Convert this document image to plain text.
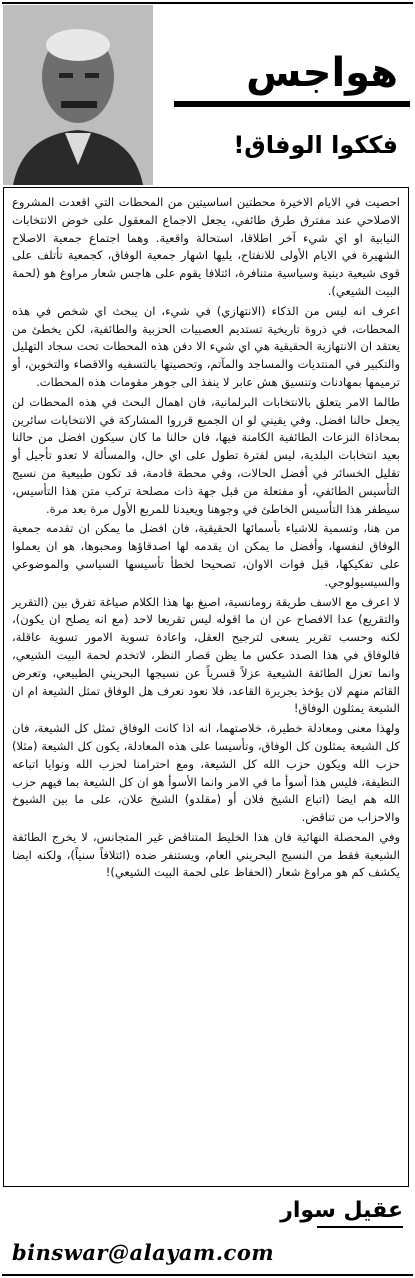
هواجس
فككوا الوفاق!

احصيت في الايام الاخيرة محطتين اساسيتين من المحطات التي اقعدت المشروع الاصلاحي عند مفترق طرق طائفي، يجعل الاجماع المعقول على خوض الانتخابات النيابية او اي شيء آخر اطلاقا، استحالة واقعية. وهما اجتماع جمعية الاصلاح الشهيرة في الايام الأولى للانفتاح، يليها اشهار جمعية الوفاق، كجمعية تأتلف على قوى شيعية دينية وسياسية متنافرة، ائتلافا يقوم على هاجس شعار مراوغ هو (لحمة البيت الشيعي).

اعرف انه ليس من الذكاء (الانتهازي) في شيء، ان يبحث اي شخص في هذه المحطات، في ذروة تاريخية تستديم العصبيات الحزبية والطائفية، لكن يخطئ من يعتقد ان الانتهازية الحقيقية هي اي شيء الا دفن هذه المحطات تحت سجاد التهليل والتكبير في المنتديات والمساجد والمآتم، وتحصينها بالتسفيه والاقصاء والتخوين، أو ترميمها بمهادنات وتنسيق هش عابر لا ينفذ الى جوهر مقومات هذه المحطات.

طالما الامر يتعلق بالانتخابات البرلمانية، فان اهمال البحث في هذه المحطات لن يجعل حالنا افضل. وفي يقيني لو ان الجميع قرروا المشاركة في الانتخابات سائرين بمحاذاة النزعات الطائفية الكامنة فيها، فان حالنا ما كان سيكون افضل من حالنا بعيد انتخابات البلدية، ليس لفترة تطول على اي حال، والمسألة لا تعدو تأجيل أو تقليل الخسائر في أفضل الحالات، وفي محطة قادمة، قد تكون طبيعية من نسيج التأسيس الطائفي، أو مفتعلة من قبل جهة ذات مصلحة تركب متن هذا التأسيس، سيطفر هذا التأسيس الخاطئ في وجوهنا ويعيدنا للمربع الأول مرة بعد مرة.

من هنا، وتسمية للاشياء بأسمائها الحقيقية، فان افضل ما يمكن ان تقدمه جمعية الوفاق لنفسها، وأفضل ما يمكن ان يقدمه لها اصدقاؤها ومحبوها، هو ان يعملوا على تفكيكها، قبل فوات الاوان، تصحيحا لخطأ تأسيسها السياسي والموضوعي والسيسيولوجي.

لا اعرف مع الاسف طريقة رومانسية، اصيغ بها هذا الكلام صياغة تفرق بين (التقرير والتقريع) عدا الافصاح عن ان ما اقوله ليس تقريعا لاحد (مع انه يصلح ان يكون)، لكنه وحسب تقرير يسعى لترجيح العقل، واعادة تسوية الامور تسوية عاقلة، فالوفاق في هذا الصدد عكس ما يظن قصار النظر، لاتخدم لحمة البيت الشيعي، وانما تعزل الطائفة الشيعية عزلاً قسرياً عن نسيجها البحريني الطبيعي، وتعرض القائم منهم لان يؤخذ بجريرة القاعد، فلا نعود نعرف هل الوفاق تمثل الشيعة ام ان الشيعة يمثلون الوفاق!

ولهذا معنى ومعادلة خطيرة، خلاصتهما، انه اذا كانت الوفاق تمثل كل الشيعة، فان كل الشيعة يمثلون كل الوفاق، وتأسيسا على هذه المعادلة، يكون كل الشيعة (مثلا) حزب الله ويكون حزب الله كل الشيعة، ومع احترامنا لحزب الله ونوايا اتباعه النظيفة، فليس هذا أسوأ ما في الامر وانما الأسوأ هو ان كل الشيعة بما فيهم حزب الله هم ايضا (اتباع الشيخ فلان أو (مقلدو) الشيخ علان، على ما بين الشيوخ والاحزاب من تناقض.

وفي المحصلة النهائية فان هذا الخليط المتناقض غير المتجانس، لا يخرج الطائفة الشيعية فقط من النسيج البحريني العام، ويستنفر ضده (ائتلافاً سنياً)، ولكنه ايضا يكشف كم هو مراوغ شعار (الحفاظ على لحمة البيت الشيعي)!

عقيل سوار
binswar@alayam.com
